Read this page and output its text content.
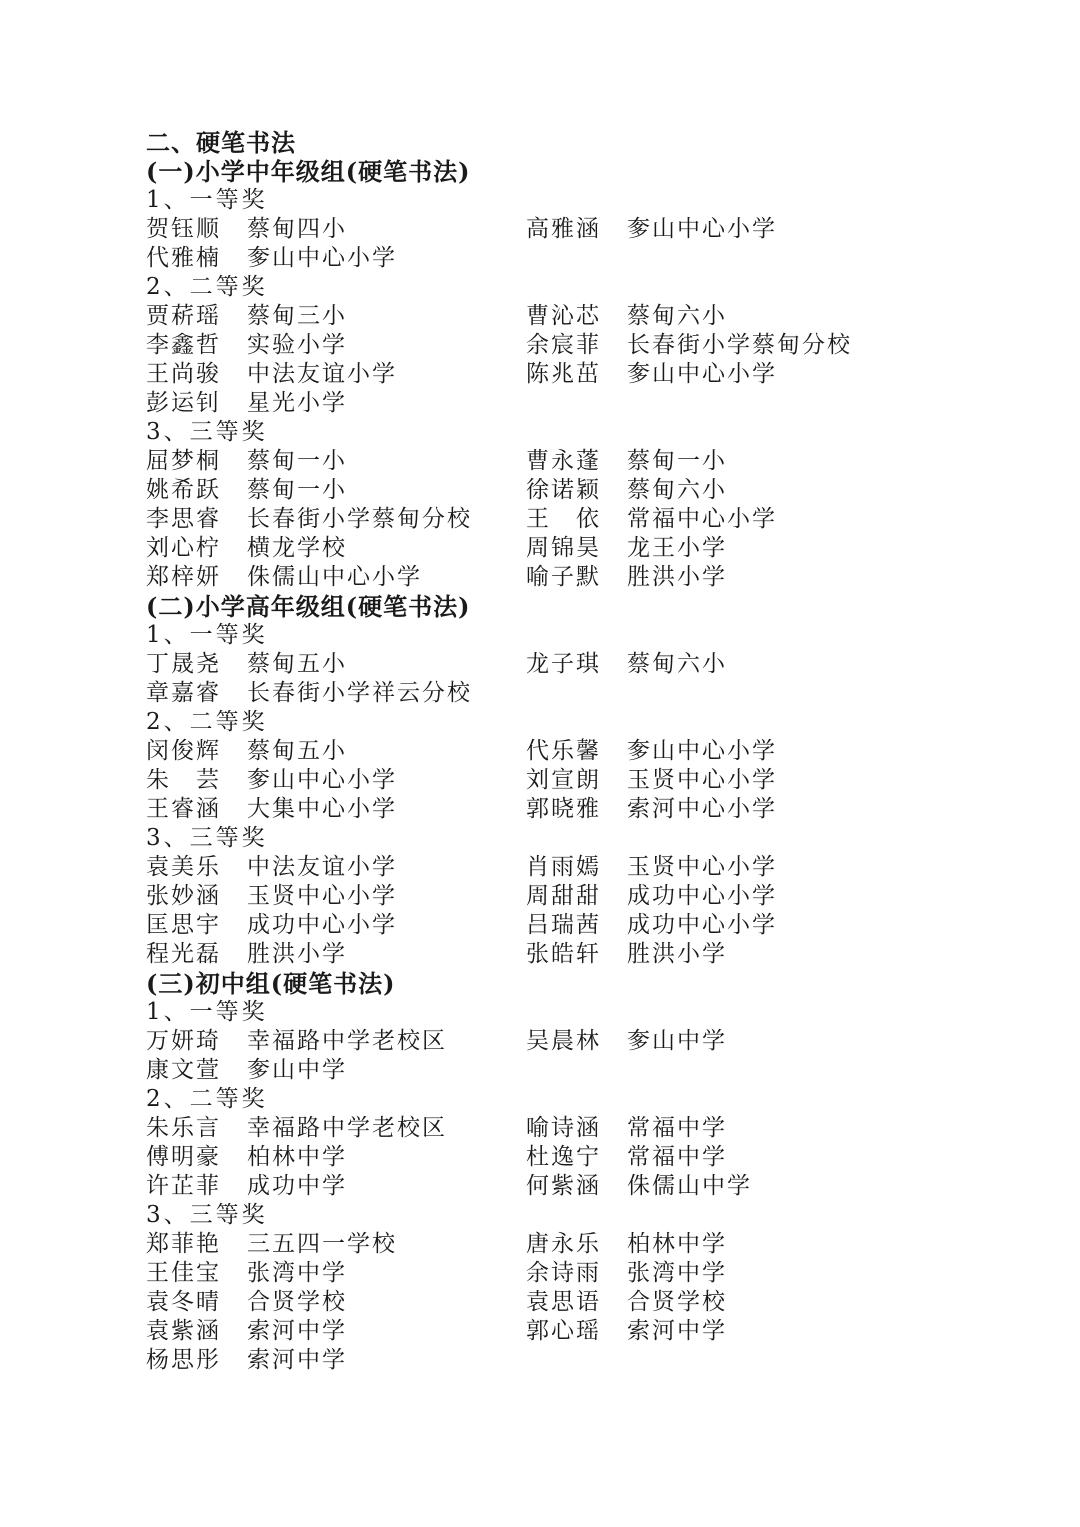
二、硬笔书法
(一)小学中年级组(硬笔书法)
1、一等奖
贺钰顺	蔡甸四小	高雅涵	奓山中心小学
代雅楠	奓山中心小学
2、二等奖
贾菥瑶	蔡甸三小	曹沁芯	蔡甸六小
李鑫哲	实验小学	余宸菲	长春街小学蔡甸分校
王尚骏	中法友谊小学	陈兆茁	奓山中心小学
彭运钊	星光小学
3、三等奖
屈梦桐	蔡甸一小	曹永蓬	蔡甸一小
姚希跃	蔡甸一小	徐诺颖	蔡甸六小
李思睿	长春街小学蔡甸分校 王　依	常福中心小学
刘心柠	横龙学校	周锦昊	龙王小学
郑梓妍	侏儒山中心小学	喻子默	胜洪小学
(二)小学高年级组(硬笔书法)
1、一等奖
丁晟尧	蔡甸五小	龙子琪	蔡甸六小
章嘉睿	长春街小学祥云分校
2、二等奖
闵俊辉	蔡甸五小	代乐馨	奓山中心小学
朱　芸	奓山中心小学	刘宣朗	玉贤中心小学
王睿涵	大集中心小学	郭晓雅	索河中心小学
3、三等奖
袁美乐	中法友谊小学	肖雨嫣	玉贤中心小学
张妙涵	玉贤中心小学	周甜甜	成功中心小学
匡思宇	成功中心小学	吕瑞茜	成功中心小学
程光磊	胜洪小学	张皓轩	胜洪小学
(三)初中组(硬笔书法)
1、一等奖
万妍琦	幸福路中学老校区	吴晨林	奓山中学
康文萱	奓山中学
2、二等奖
朱乐言	幸福路中学老校区	喻诗涵	常福中学
傅明豪	柏林中学	杜逸宁	常福中学
许芷菲	成功中学	何紫涵	侏儒山中学
3、三等奖
郑菲艳	三五四一学校	唐永乐	柏林中学
王佳宝	张湾中学	余诗雨	张湾中学
袁冬晴	合贤学校	袁思语	合贤学校
袁紫涵	索河中学	郭心瑶	索河中学
杨思彤	索河中学
